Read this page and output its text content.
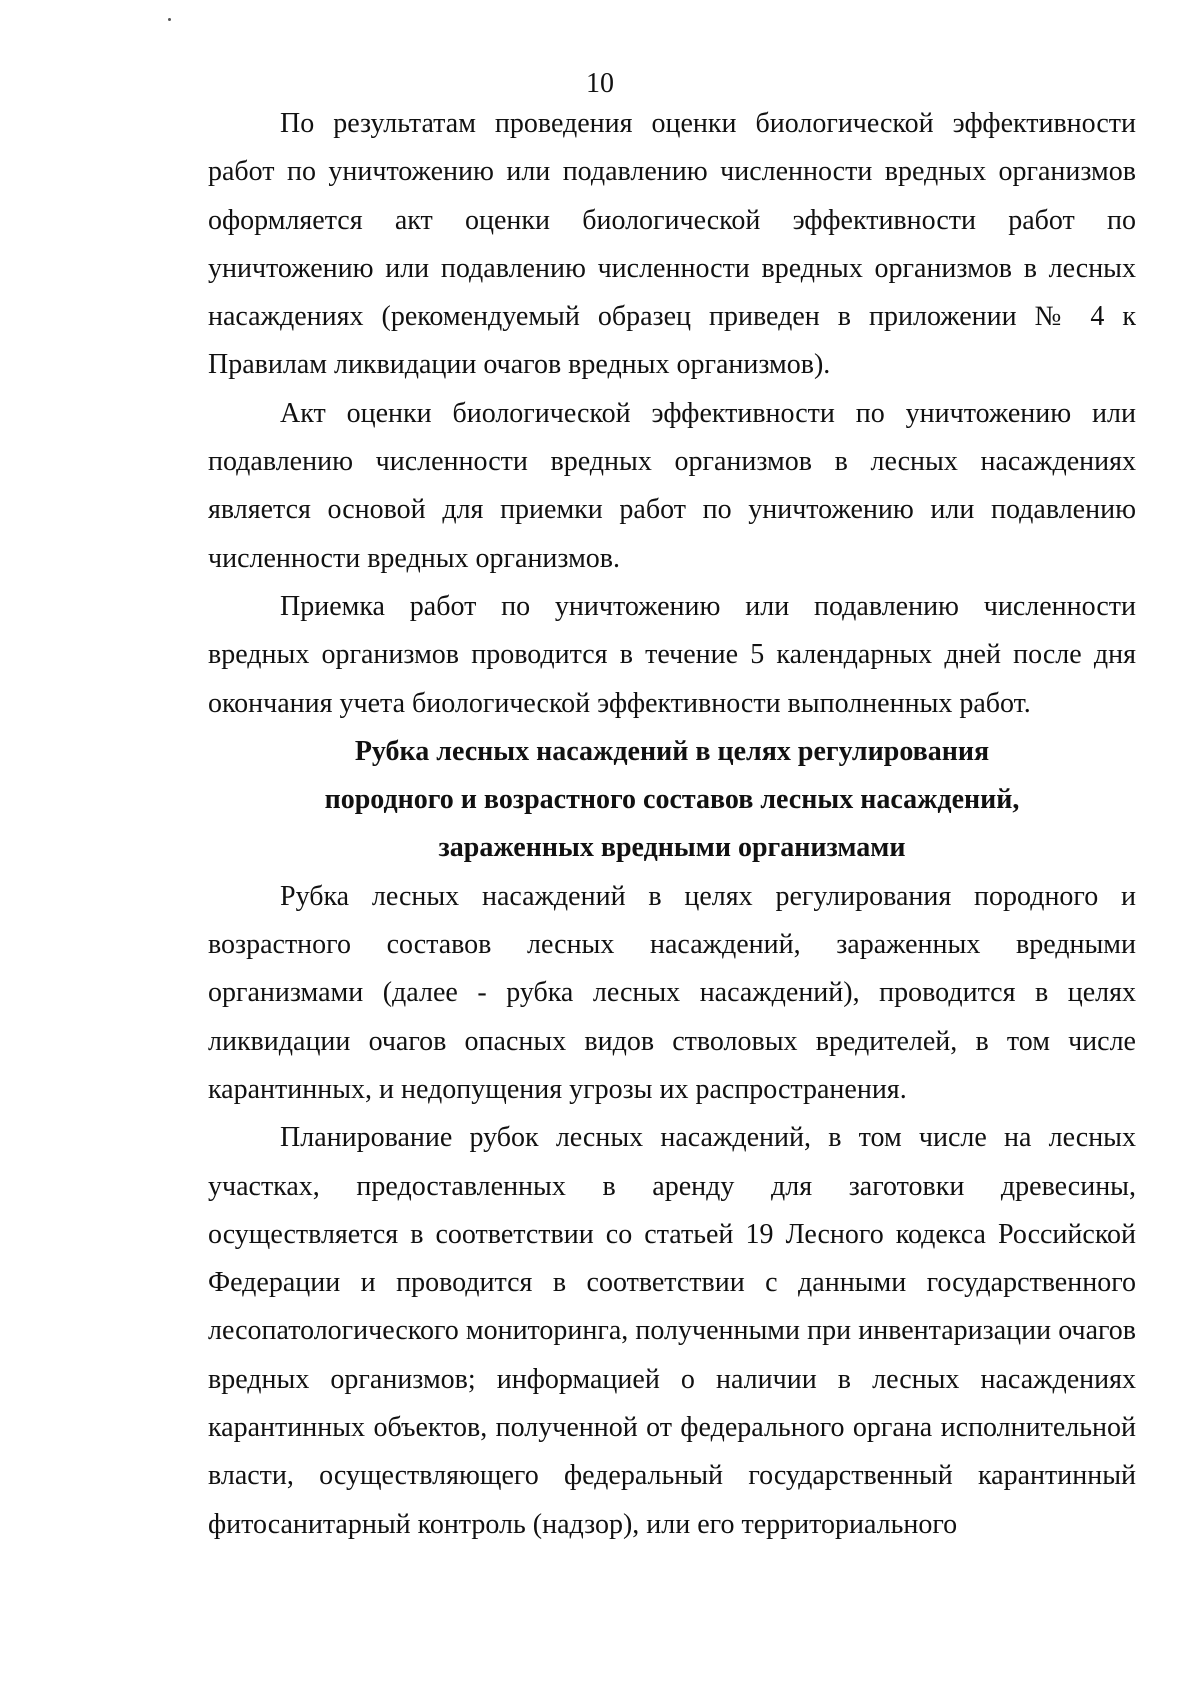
10

По результатам проведения оценки биологической эффективности работ по уничтожению или подавлению численности вредных организмов оформляется акт оценки биологической эффективности работ по уничтожению или подавлению численности вредных организмов в лесных насаждениях (рекомендуемый образец приведен в приложении № 4 к Правилам ликвидации очагов вредных организмов).

Акт оценки биологической эффективности по уничтожению или подавлению численности вредных организмов в лесных насаждениях является основой для приемки работ по уничтожению или подавлению численности вредных организмов.

Приемка работ по уничтожению или подавлению численности вредных организмов проводится в течение 5 календарных дней после дня окончания учета биологической эффективности выполненных работ.

Рубка лесных насаждений в целях регулирования
породного и возрастного составов лесных насаждений,
зараженных вредными организмами

Рубка лесных насаждений в целях регулирования породного и возрастного составов лесных насаждений, зараженных вредными организмами (далее - рубка лесных насаждений), проводится в целях ликвидации очагов опасных видов стволовых вредителей, в том числе карантинных, и недопущения угрозы их распространения.

Планирование рубок лесных насаждений, в том числе на лесных участках, предоставленных в аренду для заготовки древесины, осуществляется в соответствии со статьей 19 Лесного кодекса Российской Федерации и проводится в соответствии с данными государственного лесопатологического мониторинга, полученными при инвентаризации очагов вредных организмов; информацией о наличии в лесных насаждениях карантинных объектов, полученной от федерального органа исполнительной власти, осуществляющего федеральный государственный карантинный фитосанитарный контроль (надзор), или его территориального
